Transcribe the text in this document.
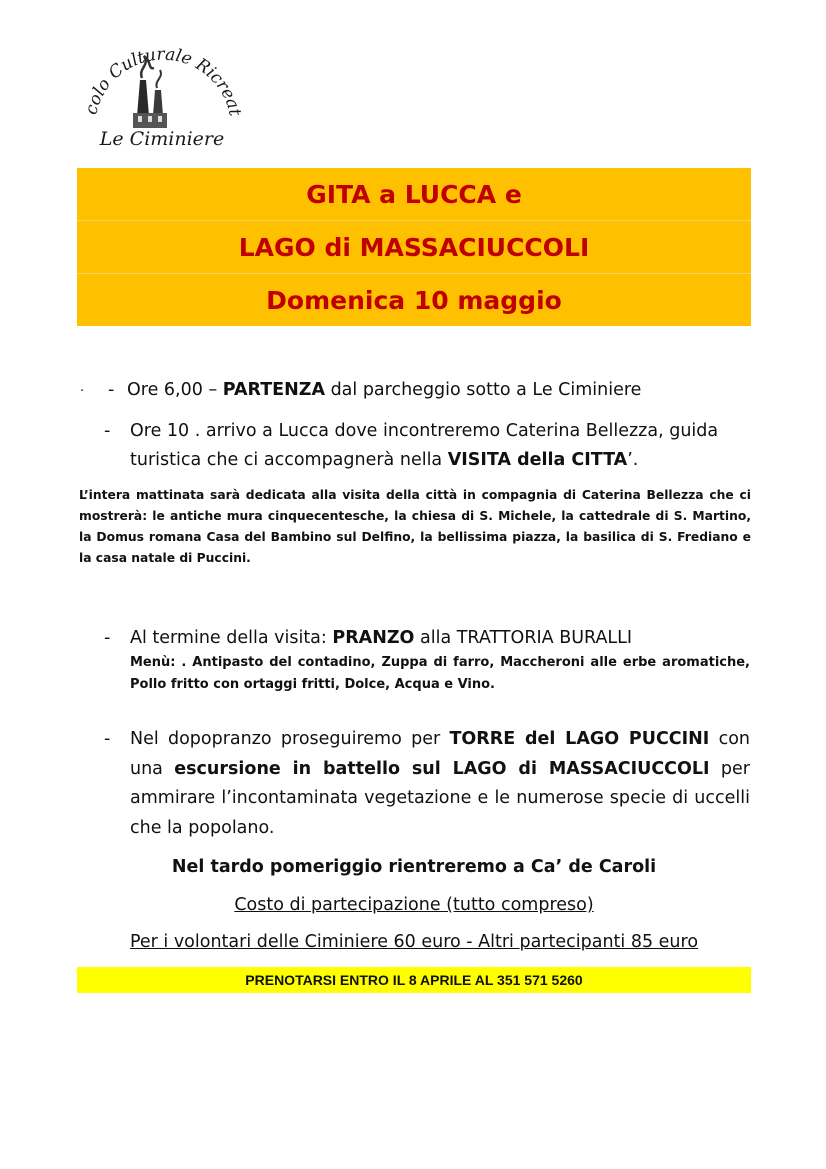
colo Culturale Ricreat
Le Ciminiere
GITA a LUCCA e
LAGO di MASSACIUCCOLI
Domenica 10 maggio
. - Ore 6,00 – PARTENZA dal parcheggio sotto a Le Ciminiere
- Ore 10 . arrivo a Lucca dove incontreremo Caterina Bellezza, guida
turistica che ci accompagnerà nella VISITA della CITTA’.
L’intera mattinata sarà dedicata alla visita della città in compagnia di Caterina Bellezza che ci mostrerà: le antiche mura cinquecentesche, la chiesa di S. Michele, la cattedrale di S. Martino, la Domus romana Casa del Bambino sul Delfino, la bellissima piazza, la basilica di S. Frediano e la casa natale di Puccini.
- Al termine della visita: PRANZO alla TRATTORIA BURALLI
Menù: . Antipasto del contadino, Zuppa di farro, Maccheroni alle erbe aromatiche, Pollo fritto con ortaggi fritti, Dolce, Acqua e Vino.
- Nel dopopranzo proseguiremo per TORRE del LAGO PUCCINI con una escursione in battello sul LAGO di MASSACIUCCOLI per ammirare l’incontaminata vegetazione e le numerose specie di uccelli che la popolano.
Nel tardo pomeriggio rientreremo a Ca’ de Caroli
Costo di partecipazione (tutto compreso)
Per i volontari delle Ciminiere 60 euro - Altri partecipanti 85 euro
PRENOTARSI ENTRO IL 8 APRILE AL 351 571 5260
